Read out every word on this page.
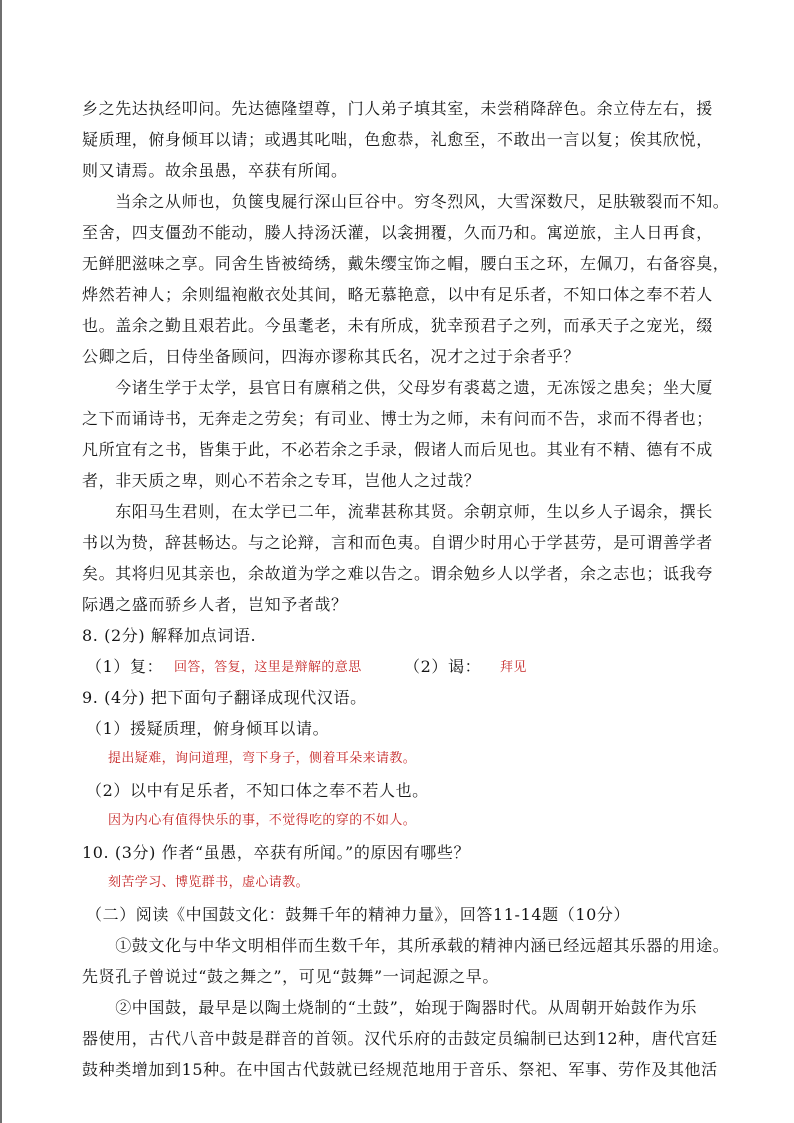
乡之先达执经叩问。先达德隆望尊，门人弟子填其室，未尝稍降辞色。余立侍左右，援
疑质理，俯身倾耳以请；或遇其叱咄，色愈恭，礼愈至，不敢出一言以复；俟其欣悦，
则又请焉。故余虽愚，卒获有所闻。
　　当余之从师也，负箧曳屣行深山巨谷中。穷冬烈风，大雪深数尺，足肤皲裂而不知。
至舍，四支僵劲不能动，媵人持汤沃灌，以衾拥覆，久而乃和。寓逆旅，主人日再食，
无鲜肥滋味之享。同舍生皆被绮绣，戴朱缨宝饰之帽，腰白玉之环，左佩刀，右备容臭，
烨然若神人；余则缊袍敝衣处其间，略无慕艳意，以中有足乐者，不知口体之奉不若人
也。盖余之勤且艰若此。今虽耄老，未有所成，犹幸预君子之列，而承天子之宠光，缀
公卿之后，日侍坐备顾问，四海亦谬称其氏名，况才之过于余者乎？
　　今诸生学于太学，县官日有廪稍之供，父母岁有裘葛之遗，无冻馁之患矣；坐大厦
之下而诵诗书，无奔走之劳矣；有司业、博士为之师，未有问而不告，求而不得者也；
凡所宜有之书，皆集于此，不必若余之手录，假诸人而后见也。其业有不精、德有不成
者，非天质之卑，则心不若余之专耳，岂他人之过哉？
　　东阳马生君则，在太学已二年，流辈甚称其贤。余朝京师，生以乡人子谒余，撰长
书以为贽，辞甚畅达。与之论辩，言和而色夷。自谓少时用心于学甚劳，是可谓善学者
矣。其将归见其亲也，余故道为学之难以告之。谓余勉乡人以学者，余之志也；诋我夸
际遇之盛而骄乡人者，岂知予者哉？
8. (2分) 解释加点词语.
（1）复： 回答，答复，这里是辩解的意思	（2）谒： 拜见
9. (4分) 把下面句子翻译成现代汉语。
（1）援疑质理，俯身倾耳以请。
提出疑难，询问道理，弯下身子，侧着耳朵来请教。
（2）以中有足乐者，不知口体之奉不若人也。
因为内心有值得快乐的事，不觉得吃的穿的不如人。
10. (3分) 作者“虽愚，卒获有所闻。”的原因有哪些？
刻苦学习、博览群书，虚心请教。
（二）阅读《中国鼓文化：鼓舞千年的精神力量》，回答11-14题（10分）
　　①鼓文化与中华文明相伴而生数千年，其所承载的精神内涵已经远超其乐器的用途。
先贤孔子曾说过“鼓之舞之”，可见“鼓舞”一词起源之早。
　　②中国鼓，最早是以陶土烧制的“土鼓”，始现于陶器时代。从周朝开始鼓作为乐
器使用，古代八音中鼓是群音的首领。汉代乐府的击鼓定员编制已达到12种，唐代宫廷
鼓种类增加到15种。在中国古代鼓就已经规范地用于音乐、祭祀、军事、劳作及其他活
